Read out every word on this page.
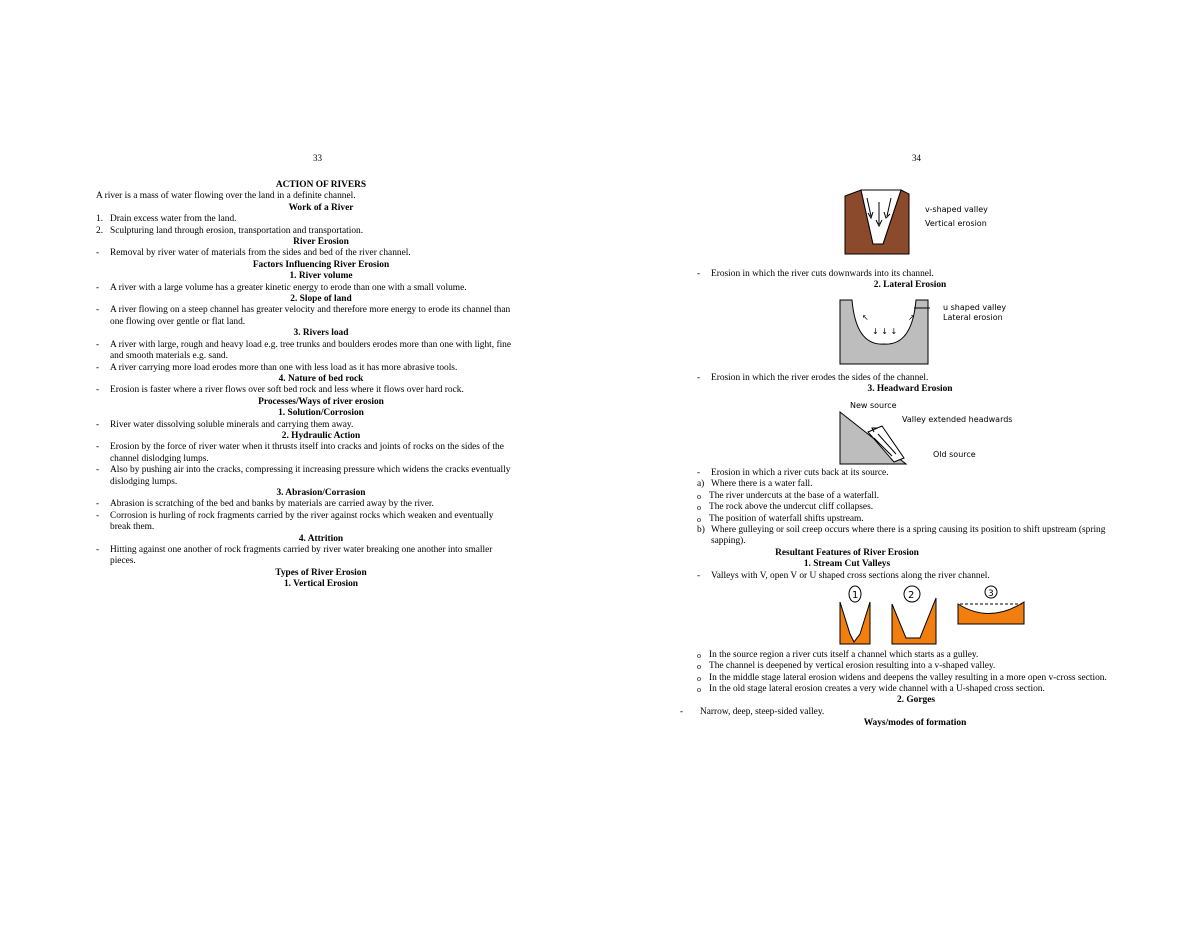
33
ACTION OF RIVERS
A river is a mass of water flowing over the land in a definite channel.
Work of a River
1. Drain excess water from the land.
2. Sculpturing land through erosion, transportation and transportation.
River Erosion
- Removal by river water of materials from the sides and bed of the river channel.
Factors Influencing River Erosion
1. River volume
- A river with a large volume has a greater kinetic energy to erode than one with a small volume.
2. Slope of land
- A river flowing on a steep channel has greater velocity and therefore more energy to erode its channel than
one flowing over gentle or flat land.
3. Rivers load
- A river with large, rough and heavy load e.g. tree trunks and boulders erodes more than one with light, fine
and smooth materials e.g. sand.
- A river carrying more load erodes more than one with less load as it has more abrasive tools.
4. Nature of bed rock
- Erosion is faster where a river flows over soft bed rock and less where it flows over hard rock.
Processes/Ways of river erosion
1. Solution/Corrosion
- River water dissolving soluble minerals and carrying them away.
2. Hydraulic Action
- Erosion by the force of river water when it thrusts itself into cracks and joints of rocks on the sides of the
channel dislodging lumps.
- Also by pushing air into the cracks, compressing it increasing pressure which widens the cracks eventually
dislodging lumps.
3. Abrasion/Corrasion
- Abrasion is scratching of the bed and banks by materials are carried away by the river.
- Corrosion is hurling of rock fragments carried by the river against rocks which weaken and eventually
break them.
4. Attrition
- Hitting against one another of rock fragments carried by river water breaking one another into smaller
pieces.
Types of River Erosion
1. Vertical Erosion
34
v-shaped valley
Vertical erosion
- Erosion in which the river cuts downwards into its channel.
2. Lateral Erosion
↖	↗
↓ ↓ ↓
u shaped valley
Lateral erosion
- Erosion in which the river erodes the sides of the channel.
3. Headward Erosion
New source
Valley extended headwards
Old source
- Erosion in which a river cuts back at its source.
a) Where there is a water fall.
o The river undercuts at the base of a waterfall.
o The rock above the undercut cliff collapses.
o The position of waterfall shifts upstream.
b) Where gulleying or soil creep occurs where there is a spring causing its position to shift upstream (spring
sapping).
Resultant Features of River Erosion
1. Stream Cut Valleys
- Valleys with V, open V or U shaped cross sections along the river channel.
1	2	3
o In the source region a river cuts itself a channel which starts as a gulley.
o The channel is deepened by vertical erosion resulting into a v-shaped valley.
o In the middle stage lateral erosion widens and deepens the valley resulting in a more open v-cross section.
o In the old stage lateral erosion creates a very wide channel with a U-shaped cross section.
2. Gorges
- Narrow, deep, steep-sided valley.
Ways/modes of formation
